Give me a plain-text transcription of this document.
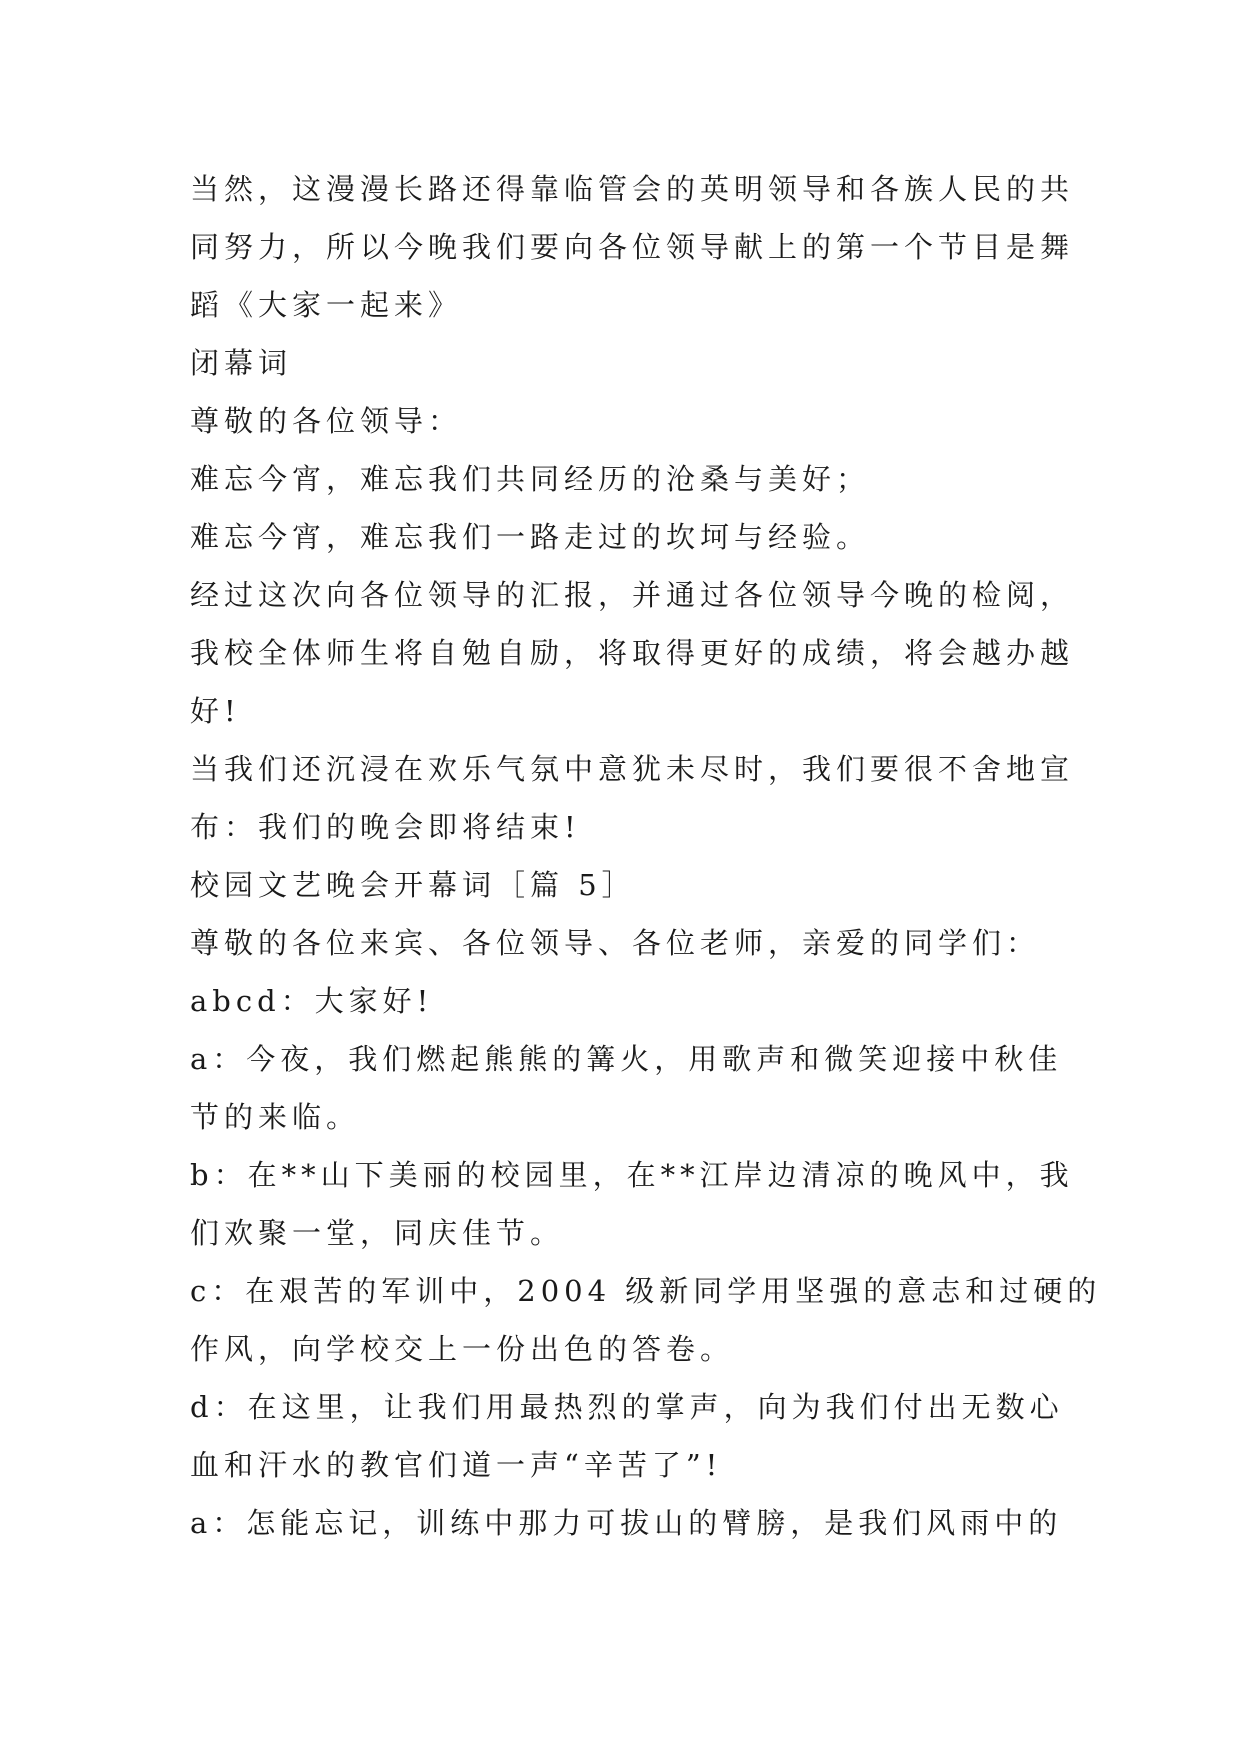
当然，这漫漫长路还得靠临管会的英明领导和各族人民的共
同努力，所以今晚我们要向各位领导献上的第一个节目是舞
蹈《大家一起来》
闭幕词
尊敬的各位领导：
难忘今宵，难忘我们共同经历的沧桑与美好；
难忘今宵，难忘我们一路走过的坎坷与经验。
经过这次向各位领导的汇报，并通过各位领导今晚的检阅，
我校全体师生将自勉自励，将取得更好的成绩，将会越办越
好!
当我们还沉浸在欢乐气氛中意犹未尽时，我们要很不舍地宣
布：我们的晚会即将结束!
校园文艺晚会开幕词［篇 5］
尊敬的各位来宾、各位领导、各位老师，亲爱的同学们：
abcd：大家好!
a：今夜，我们燃起熊熊的篝火，用歌声和微笑迎接中秋佳
节的来临。
b：在**山下美丽的校园里，在**江岸边清凉的晚风中，我
们欢聚一堂，同庆佳节。
c：在艰苦的军训中，2004 级新同学用坚强的意志和过硬的
作风，向学校交上一份出色的答卷。
d：在这里，让我们用最热烈的掌声，向为我们付出无数心
血和汗水的教官们道一声“辛苦了”!
a：怎能忘记，训练中那力可拔山的臂膀，是我们风雨中的
